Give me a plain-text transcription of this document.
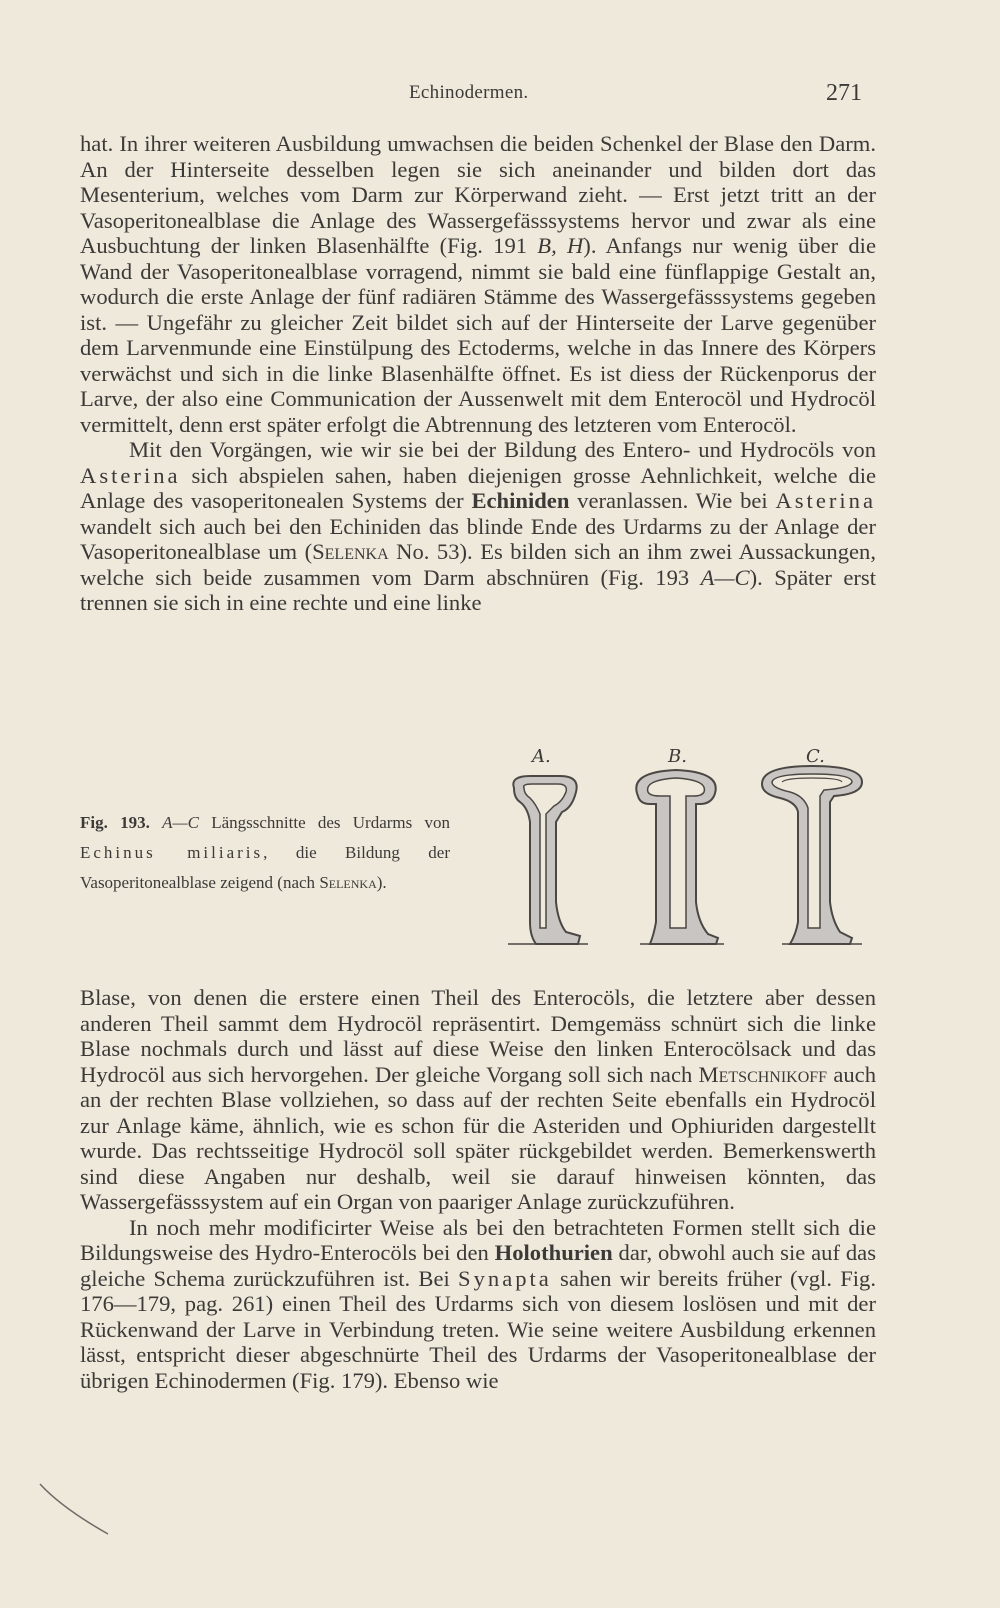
Echinodermen.	271

hat. In ihrer weiteren Ausbildung umwachsen die beiden Schenkel der Blase den Darm. An der Hinterseite desselben legen sie sich aneinander und bilden dort das Mesenterium, welches vom Darm zur Körperwand zieht. — Erst jetzt tritt an der Vasoperitonealblase die Anlage des Wassergefässsystems hervor und zwar als eine Ausbuchtung der linken Blasenhälfte (Fig. 191 B, H). Anfangs nur wenig über die Wand der Vasoperitonealblase vorragend, nimmt sie bald eine fünflappige Gestalt an, wodurch die erste Anlage der fünf radiären Stämme des Wassergefässsystems gegeben ist. — Ungefähr zu gleicher Zeit bildet sich auf der Hinterseite der Larve gegenüber dem Larvenmunde eine Einstülpung des Ectoderms, welche in das Innere des Körpers verwächst und sich in die linke Blasenhälfte öffnet. Es ist diess der Rückenporus der Larve, der also eine Communication der Aussenwelt mit dem Enterocöl und Hydrocöl vermittelt, denn erst später erfolgt die Abtrennung des letzteren vom Enterocöl.

Mit den Vorgängen, wie wir sie bei der Bildung des Entero- und Hydrocöls von Asterina sich abspielen sahen, haben diejenigen grosse Aehnlichkeit, welche die Anlage des vasoperitonealen Systems der Echiniden veranlassen. Wie bei Asterina wandelt sich auch bei den Echiniden das blinde Ende des Urdarms zu der Anlage der Vasoperitonealblase um (Selenka No. 53). Es bilden sich an ihm zwei Aussackungen, welche sich beide zusammen vom Darm abschnüren (Fig. 193 A—C). Später erst trennen sie sich in eine rechte und eine linke

Fig. 193. A—C Längsschnitte des Urdarms von Echinus miliaris, die Bildung der Vasoperitonealblase zeigend (nach Selenka).

A.	B.	C.

Blase, von denen die erstere einen Theil des Enterocöls, die letztere aber dessen anderen Theil sammt dem Hydrocöl repräsentirt. Demgemäss schnürt sich die linke Blase nochmals durch und lässt auf diese Weise den linken Enterocölsack und das Hydrocöl aus sich hervorgehen. Der gleiche Vorgang soll sich nach Metschnikoff auch an der rechten Blase vollziehen, so dass auf der rechten Seite ebenfalls ein Hydrocöl zur Anlage käme, ähnlich, wie es schon für die Asteriden und Ophiuriden dargestellt wurde. Das rechtsseitige Hydrocöl soll später rückgebildet werden. Bemerkenswerth sind diese Angaben nur deshalb, weil sie darauf hinweisen könnten, das Wassergefässsystem auf ein Organ von paariger Anlage zurückzuführen.

In noch mehr modificirter Weise als bei den betrachteten Formen stellt sich die Bildungsweise des Hydro-Enterocöls bei den Holothurien dar, obwohl auch sie auf das gleiche Schema zurückzuführen ist. Bei Synapta sahen wir bereits früher (vgl. Fig. 176—179, pag. 261) einen Theil des Urdarms sich von diesem loslösen und mit der Rückenwand der Larve in Verbindung treten. Wie seine weitere Ausbildung erkennen lässt, entspricht dieser abgeschnürte Theil des Urdarms der Vasoperitonealblase der übrigen Echinodermen (Fig. 179). Ebenso wie
